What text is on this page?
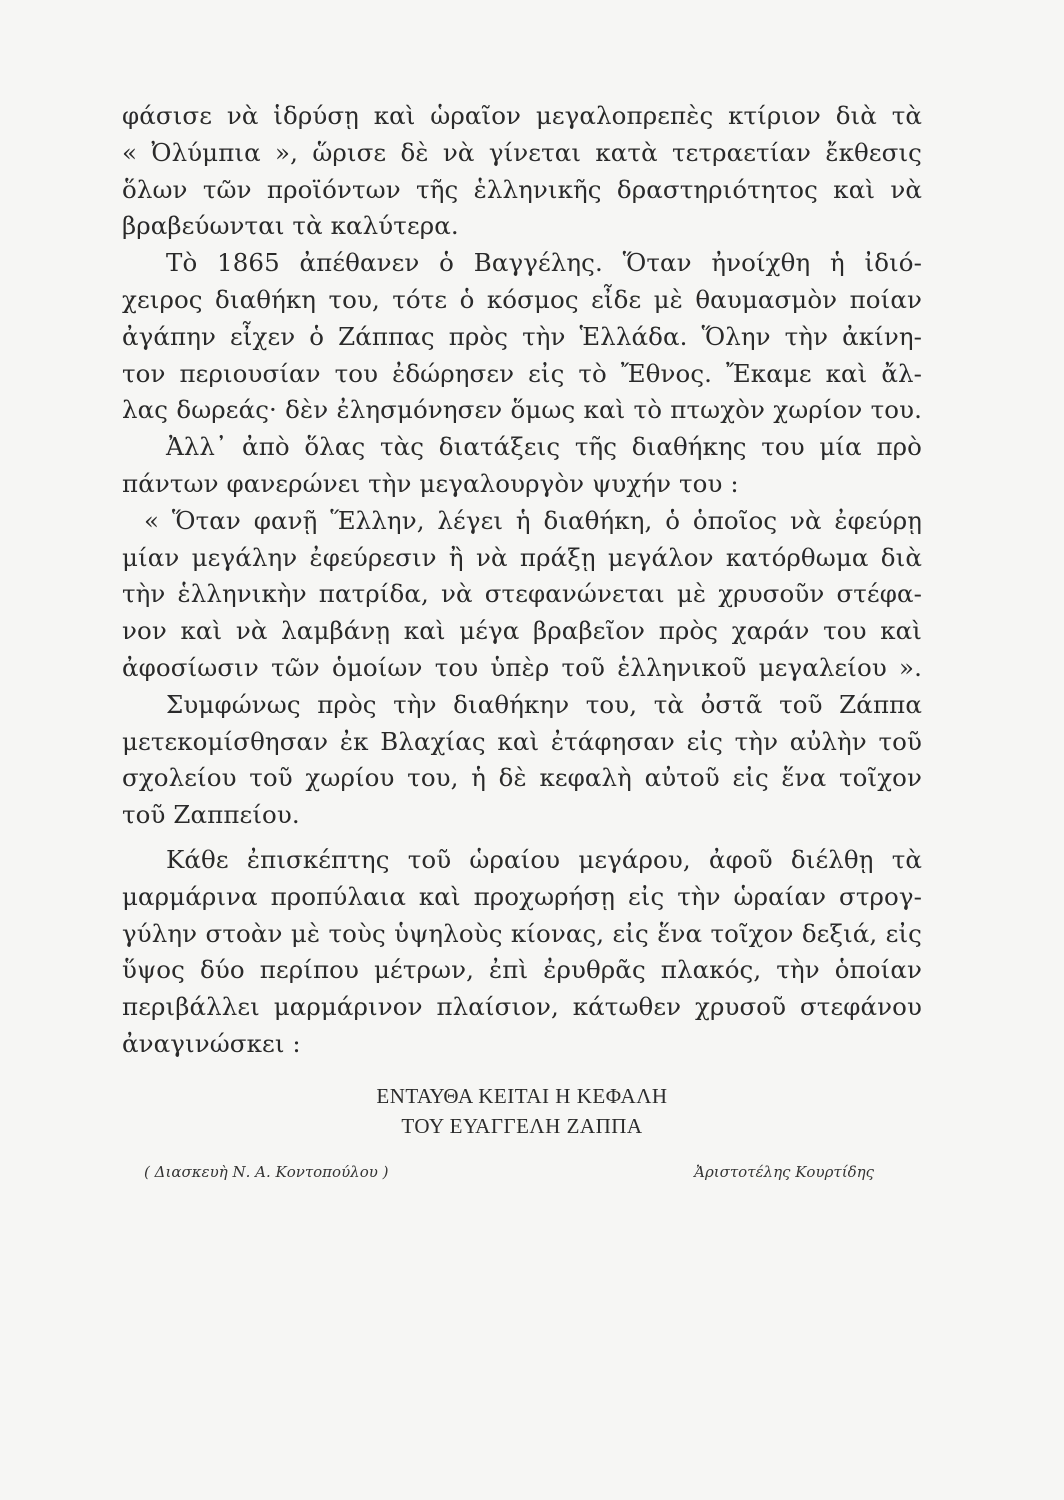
φάσισε νὰ ἱδρύσῃ καὶ ὡραῖον μεγαλοπρεπὲς κτίριον διὰ τὰ
« Ὀλύμπια », ὥρισε δὲ νὰ γίνεται κατὰ τετραετίαν ἔκθεσις
ὅλων τῶν προϊόντων τῆς ἑλληνικῆς δραστηριότητος καὶ νὰ
βραβεύωνται τὰ καλύτερα.
Τὸ 1865 ἀπέθανεν ὁ Βαγγέλης. Ὅταν ἠνοίχθη ἡ ἰδιό-
χειρος διαθήκη του, τότε ὁ κόσμος εἶδε μὲ θαυμασμὸν ποίαν
ἀγάπην εἶχεν ὁ Ζάππας πρὸς τὴν Ἑλλάδα. Ὅλην τὴν ἀκίνη-
τον περιουσίαν του ἐδώρησεν εἰς τὸ Ἔθνος. Ἔκαμε καὶ ἄλ-
λας δωρεάς· δὲν ἐλησμόνησεν ὅμως καὶ τὸ πτωχὸν χωρίον του.
Ἀλλ᾽ ἀπὸ ὅλας τὰς διατάξεις τῆς διαθήκης του μία πρὸ
πάντων φανερώνει τὴν μεγαλουργὸν ψυχήν του :
« Ὅταν φανῇ Ἕλλην, λέγει ἡ διαθήκη, ὁ ὁποῖος νὰ ἐφεύρῃ
μίαν μεγάλην ἐφεύρεσιν ἢ νὰ πράξῃ μεγάλον κατόρθωμα διὰ
τὴν ἑλληνικὴν πατρίδα, νὰ στεφανώνεται μὲ χρυσοῦν στέφα-
νον καὶ νὰ λαμβάνῃ καὶ μέγα βραβεῖον πρὸς χαράν του καὶ
ἀφοσίωσιν τῶν ὁμοίων του ὑπὲρ τοῦ ἑλληνικοῦ μεγαλείου ».
Συμφώνως πρὸς τὴν διαθήκην του, τὰ ὀστᾶ τοῦ Ζάππα
μετεκομίσθησαν ἐκ Βλαχίας καὶ ἐτάφησαν εἰς τὴν αὐλὴν τοῦ
σχολείου τοῦ χωρίου του, ἡ δὲ κεφαλὴ αὐτοῦ εἰς ἕνα τοῖχον
τοῦ Ζαππείου.
Κάθε ἐπισκέπτης τοῦ ὡραίου μεγάρου, ἀφοῦ διέλθῃ τὰ
μαρμάρινα προπύλαια καὶ προχωρήσῃ εἰς τὴν ὡραίαν στρογ-
γύλην στοὰν μὲ τοὺς ὑψηλοὺς κίονας, εἰς ἕνα τοῖχον δεξιά, εἰς
ὕψος δύο περίπου μέτρων, ἐπὶ ἐρυθρᾶς πλακός, τὴν ὁποίαν
περιβάλλει μαρμάρινον πλαίσιον, κάτωθεν χρυσοῦ στεφάνου
ἀναγινώσκει :
ΕΝΤΑΥΘΑ ΚΕΙΤΑΙ Η ΚΕΦΑΛΗ
ΤΟΥ ΕΥΑΓΓΕΛΗ ΖΑΠΠΑ
( Διασκευὴ Ν. Α. Κοντοπούλου )	Ἀριστοτέλης Κουρτίδης
